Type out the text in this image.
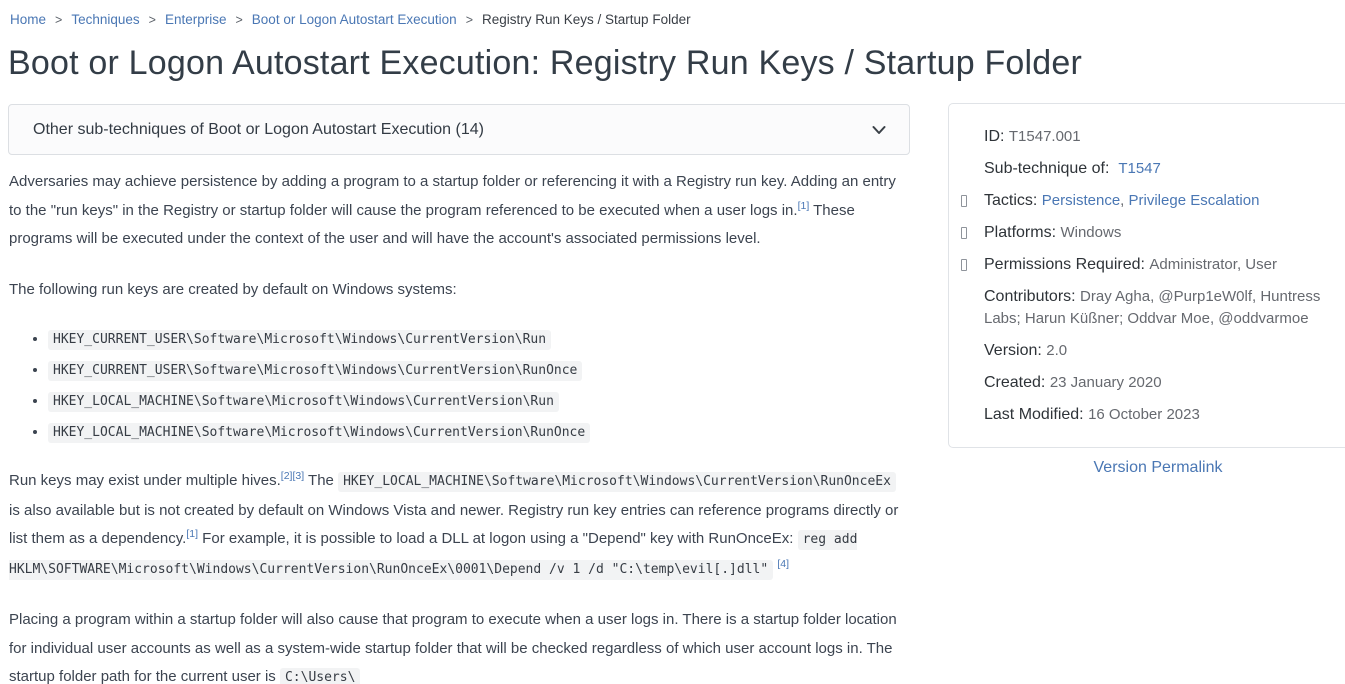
Home > Techniques > Enterprise > Boot or Logon Autostart Execution > Registry Run Keys / Startup Folder
Boot or Logon Autostart Execution: Registry Run Keys / Startup Folder
Other sub-techniques of Boot or Logon Autostart Execution (14)

Adversaries may achieve persistence by adding a program to a startup folder or referencing it with a Registry run key. Adding an entry to the "run keys" in the Registry or startup folder will cause the program referenced to be executed when a user logs in.[1] These programs will be executed under the context of the user and will have the account's associated permissions level.

The following run keys are created by default on Windows systems:

• HKEY_CURRENT_USER\Software\Microsoft\Windows\CurrentVersion\Run
• HKEY_CURRENT_USER\Software\Microsoft\Windows\CurrentVersion\RunOnce
• HKEY_LOCAL_MACHINE\Software\Microsoft\Windows\CurrentVersion\Run
• HKEY_LOCAL_MACHINE\Software\Microsoft\Windows\CurrentVersion\RunOnce

Run keys may exist under multiple hives.[2][3] The HKEY_LOCAL_MACHINE\Software\Microsoft\Windows\CurrentVersion\RunOnceEx is also available but is not created by default on Windows Vista and newer. Registry run key entries can reference programs directly or list them as a dependency.[1] For example, it is possible to load a DLL at logon using a "Depend" key with RunOnceEx: reg add HKLM\SOFTWARE\Microsoft\Windows\CurrentVersion\RunOnceEx\0001\Depend /v 1 /d "C:\temp\evil[.]dll" [4]

Placing a program within a startup folder will also cause that program to execute when a user logs in. There is a startup folder location for individual user accounts as well as a system-wide startup folder that will be checked regardless of which user account logs in. The startup folder path for the current user is C:\Users\

ID: T1547.001
Sub-technique of:  T1547
Tactics: Persistence, Privilege Escalation
Platforms: Windows
Permissions Required: Administrator, User
Contributors: Dray Agha, @Purp1eW0lf, Huntress Labs; Harun Küßner; Oddvar Moe, @oddvarmoe
Version: 2.0
Created: 23 January 2020
Last Modified: 16 October 2023
Version Permalink
